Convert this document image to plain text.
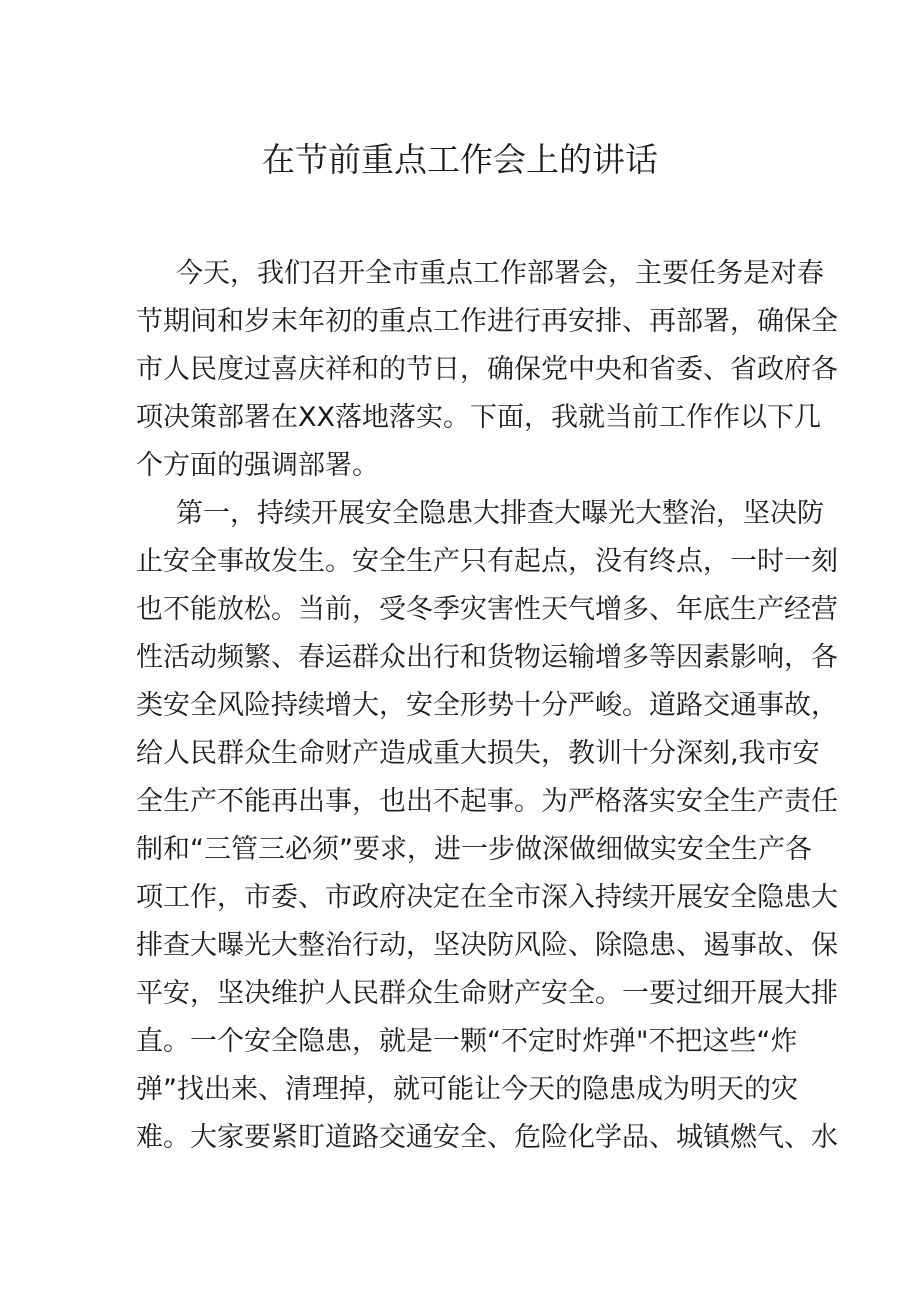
在节前重点工作会上的讲话
今天，我们召开全市重点工作部署会，主要任务是对春
节期间和岁末年初的重点工作进行再安排、再部署，确保全
市人民度过喜庆祥和的节日，确保党中央和省委、省政府各
项决策部署在XX落地落实。下面，我就当前工作作以下几
个方面的强调部署。
第一，持续开展安全隐患大排查大曝光大整治，坚决防
止安全事故发生。安全生产只有起点，没有终点，一时一刻
也不能放松。当前，受冬季灾害性天气增多、年底生产经营
性活动频繁、春运群众出行和货物运输增多等因素影响，各
类安全风险持续增大，安全形势十分严峻。道路交通事故，
给人民群众生命财产造成重大损失，教训十分深刻,我市安
全生产不能再出事，也出不起事。为严格落实安全生产责任
制和“三管三必须”要求，进一步做深做细做实安全生产各
项工作，市委、市政府决定在全市深入持续开展安全隐患大
排查大曝光大整治行动，坚决防风险、除隐患、遏事故、保
平安，坚决维护人民群众生命财产安全。一要过细开展大排
直。一个安全隐患，就是一颗“不定时炸弹"不把这些“炸
弹”找出来、清理掉，就可能让今天的隐患成为明天的灾
难。大家要紧盯道路交通安全、危险化学品、城镇燃气、水
